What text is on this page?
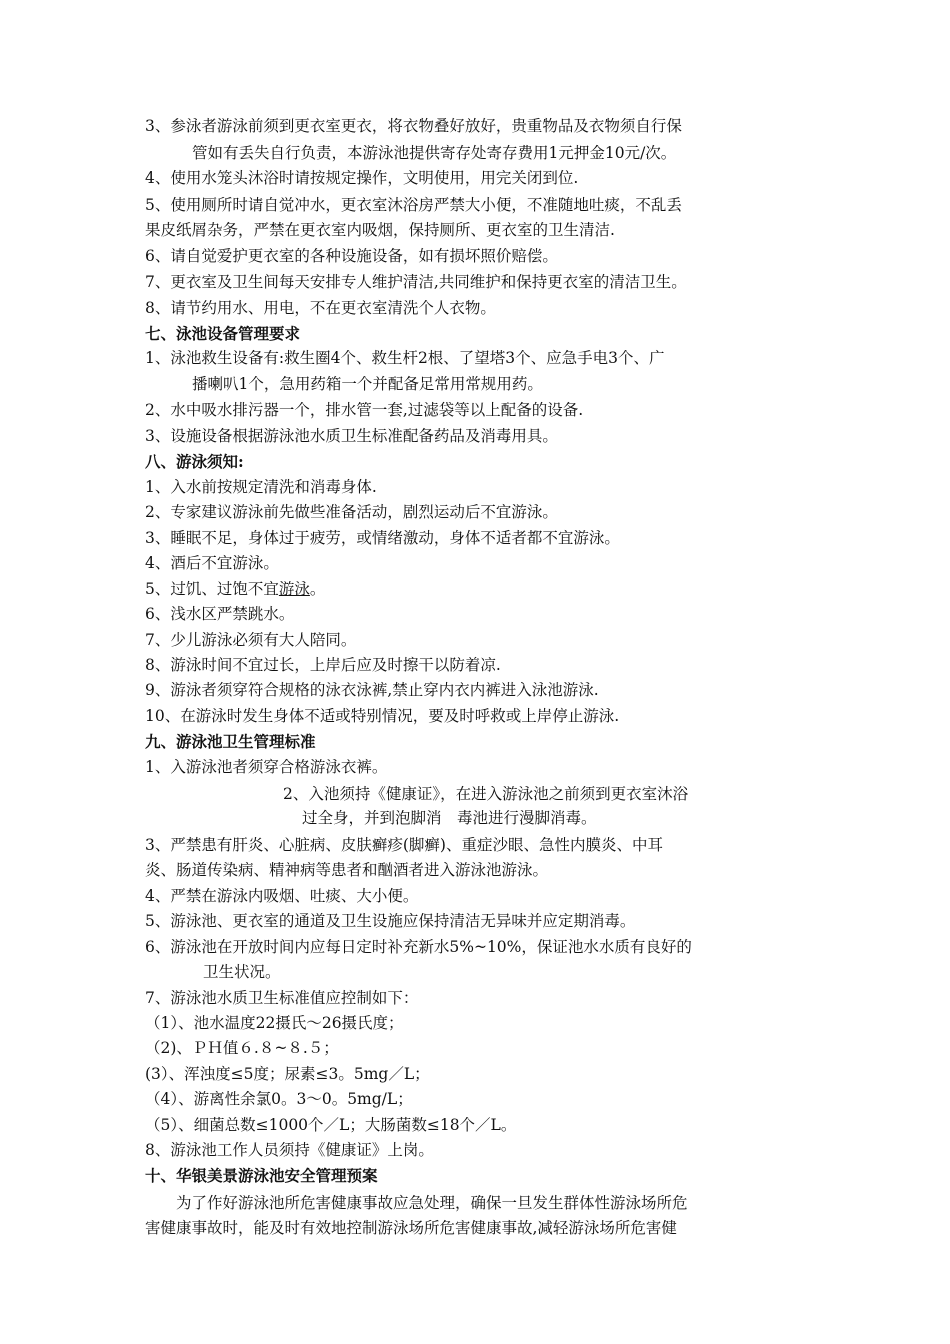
3、参泳者游泳前须到更衣室更衣，将衣物叠好放好，贵重物品及衣物须自行保
管如有丢失自行负责，本游泳池提供寄存处寄存费用1元押金10元/次。
4、使用水笼头沐浴时请按规定操作，文明使用，用完关闭到位.
5、使用厕所时请自觉冲水，更衣室沐浴房严禁大小便，不准随地吐痰，不乱丢
果皮纸屑杂务，严禁在更衣室内吸烟，保持厕所、更衣室的卫生清洁.
6、请自觉爱护更衣室的各种设施设备，如有损坏照价赔偿。
7、更衣室及卫生间每天安排专人维护清洁,共同维护和保持更衣室的清洁卫生。
8、请节约用水、用电，不在更衣室清洗个人衣物。
七、泳池设备管理要求
1、泳池救生设备有:救生圈4个、救生杆2根、了望塔3个、应急手电3个、广
播喇叭1个，急用药箱一个并配备足常用常规用药。
2、水中吸水排污器一个，排水管一套,过滤袋等以上配备的设备.
3、设施设备根据游泳池水质卫生标准配备药品及消毒用具。
八、游泳须知:
1、入水前按规定清洗和消毒身体.
2、专家建议游泳前先做些准备活动，剧烈运动后不宜游泳。
3、睡眠不足，身体过于疲劳，或情绪激动，身体不适者都不宜游泳。
4、酒后不宜游泳。
5、过饥、过饱不宜游泳。
6、浅水区严禁跳水。
7、少儿游泳必须有大人陪同。
8、游泳时间不宜过长，上岸后应及时擦干以防着凉.
9、游泳者须穿符合规格的泳衣泳裤,禁止穿内衣内裤进入泳池游泳.
10、在游泳时发生身体不适或特别情况，要及时呼救或上岸停止游泳.
九、游泳池卫生管理标准
1、入游泳池者须穿合格游泳衣裤。
2、入池须持《健康证》，在进入游泳池之前须到更衣室沐浴
过全身，并到泡脚消　毒池进行漫脚消毒。
3、严禁患有肝炎、心脏病、皮肤癣疹(脚癣)、重症沙眼、急性内膜炎、中耳
炎、肠道传染病、精神病等患者和酗酒者进入游泳池游泳。
4、严禁在游泳内吸烟、吐痰、大小便。
5、游泳池、更衣室的通道及卫生设施应保持清洁无异味并应定期消毒。
6、游泳池在开放时间内应每日定时补充新水5%~10%，保证池水水质有良好的
卫生状况。
7、游泳池水质卫生标准值应控制如下：
（1）、池水温度22摄氏～26摄氏度；
（2)、ＰＨ值６.８~８.５；
(3）、浑浊度≤5度；尿素≤3。5mg／L；
（4）、游离性余氯0。3～0。5mg/L；
（5）、细菌总数≤1000个／L；大肠菌数≤18个／L。
8、游泳池工作人员须持《健康证》上岗。
十、华银美景游泳池安全管理预案
为了作好游泳池所危害健康事故应急处理，确保一旦发生群体性游泳场所危
害健康事故时，能及时有效地控制游泳场所危害健康事故,减轻游泳场所危害健
